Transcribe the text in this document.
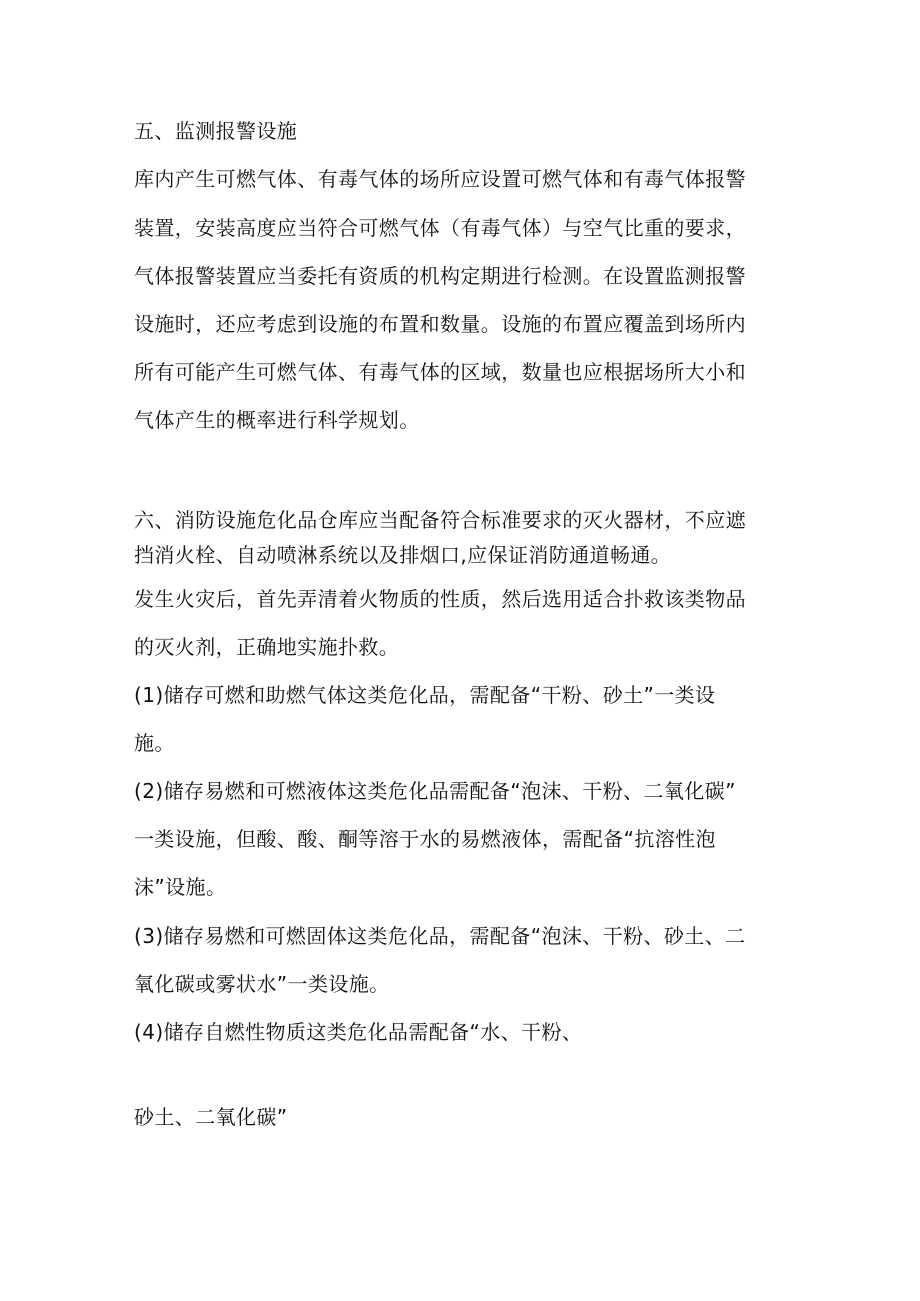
五、监测报警设施

库内产生可燃气体、有毒气体的场所应设置可燃气体和有毒气体报警

装置，安装高度应当符合可燃气体（有毒气体）与空气比重的要求，

气体报警装置应当委托有资质的机构定期进行检测。在设置监测报警

设施时，还应考虑到设施的布置和数量。设施的布置应覆盖到场所内

所有可能产生可燃气体、有毒气体的区域，数量也应根据场所大小和

气体产生的概率进行科学规划。

六、消防设施危化品仓库应当配备符合标准要求的灭火器材，不应遮

挡消火栓、自动喷淋系统以及排烟口,应保证消防通道畅通。

发生火灾后，首先弄清着火物质的性质，然后选用适合扑救该类物品

的灭火剂，正确地实施扑救。

(1)储存可燃和助燃气体这类危化品，需配备“干粉、砂土”一类设

施。

(2)储存易燃和可燃液体这类危化品需配备“泡沫、干粉、二氧化碳”

一类设施，但酸、酸、酮等溶于水的易燃液体，需配备“抗溶性泡

沫”设施。

(3)储存易燃和可燃固体这类危化品，需配备“泡沫、干粉、砂土、二

氧化碳或雾状水”一类设施。

(4)储存自燃性物质这类危化品需配备“水、干粉、

砂土、二氧化碳”
